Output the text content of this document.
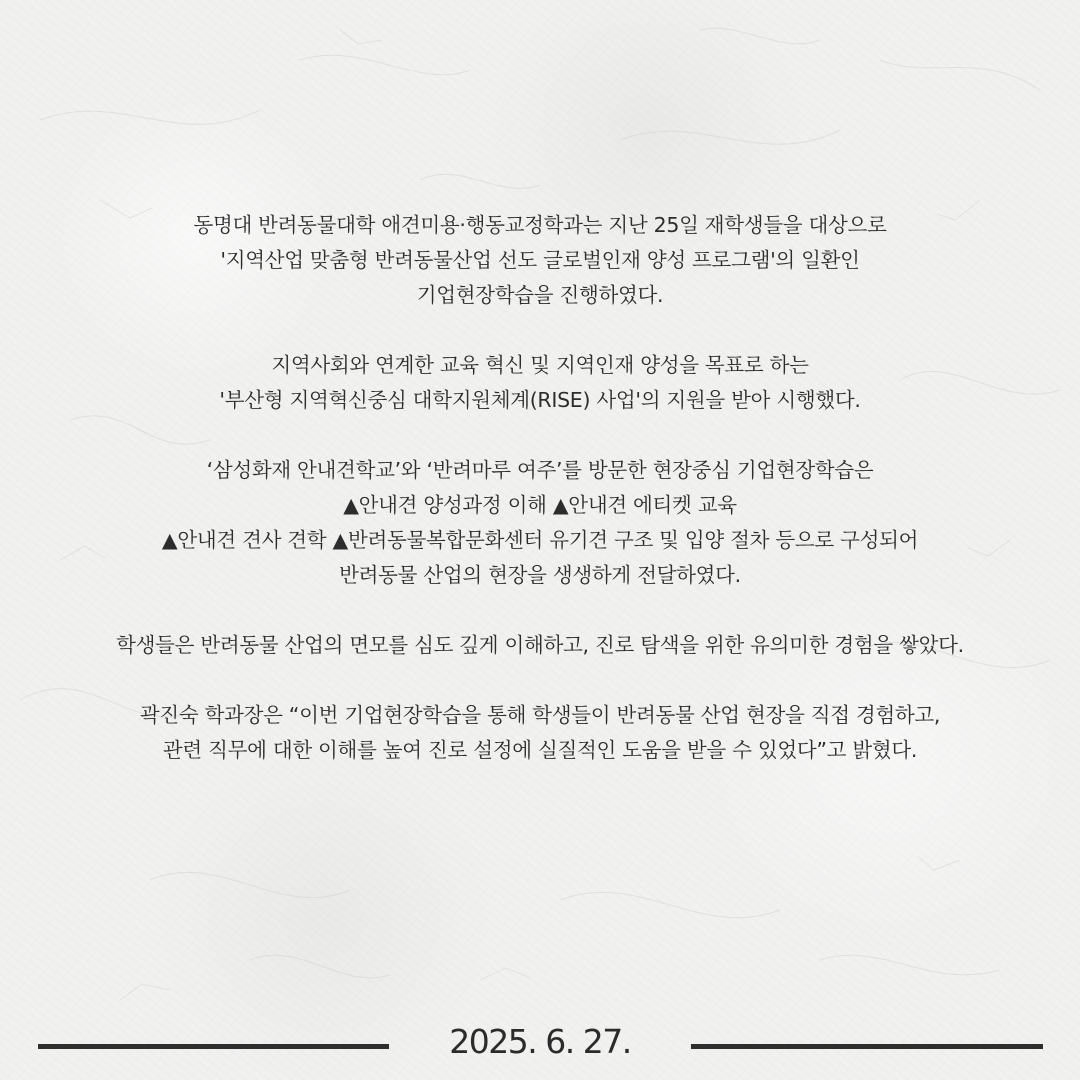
동명대 반려동물대학 애견미용·행동교정학과는 지난 25일 재학생들을 대상으로
'지역산업 맞춤형 반려동물산업 선도 글로벌인재 양성 프로그램'의 일환인
기업현장학습을 진행하였다.

지역사회와 연계한 교육 혁신 및 지역인재 양성을 목표로 하는
'부산형 지역혁신중심 대학지원체계(RISE) 사업'의 지원을 받아 시행했다.

‘삼성화재 안내견학교’와 ‘반려마루 여주’를 방문한 현장중심 기업현장학습은
▲안내견 양성과정 이해 ▲안내견 에티켓 교육
▲안내견 견사 견학 ▲반려동물복합문화센터 유기견 구조 및 입양 절차 등으로 구성되어
반려동물 산업의 현장을 생생하게 전달하였다.

학생들은 반려동물 산업의 면모를 심도 깊게 이해하고, 진로 탐색을 위한 유의미한 경험을 쌓았다.

곽진숙 학과장은 “이번 기업현장학습을 통해 학생들이 반려동물 산업 현장을 직접 경험하고,
관련 직무에 대한 이해를 높여 진로 설정에 실질적인 도움을 받을 수 있었다”고 밝혔다.

2025. 6. 27.
